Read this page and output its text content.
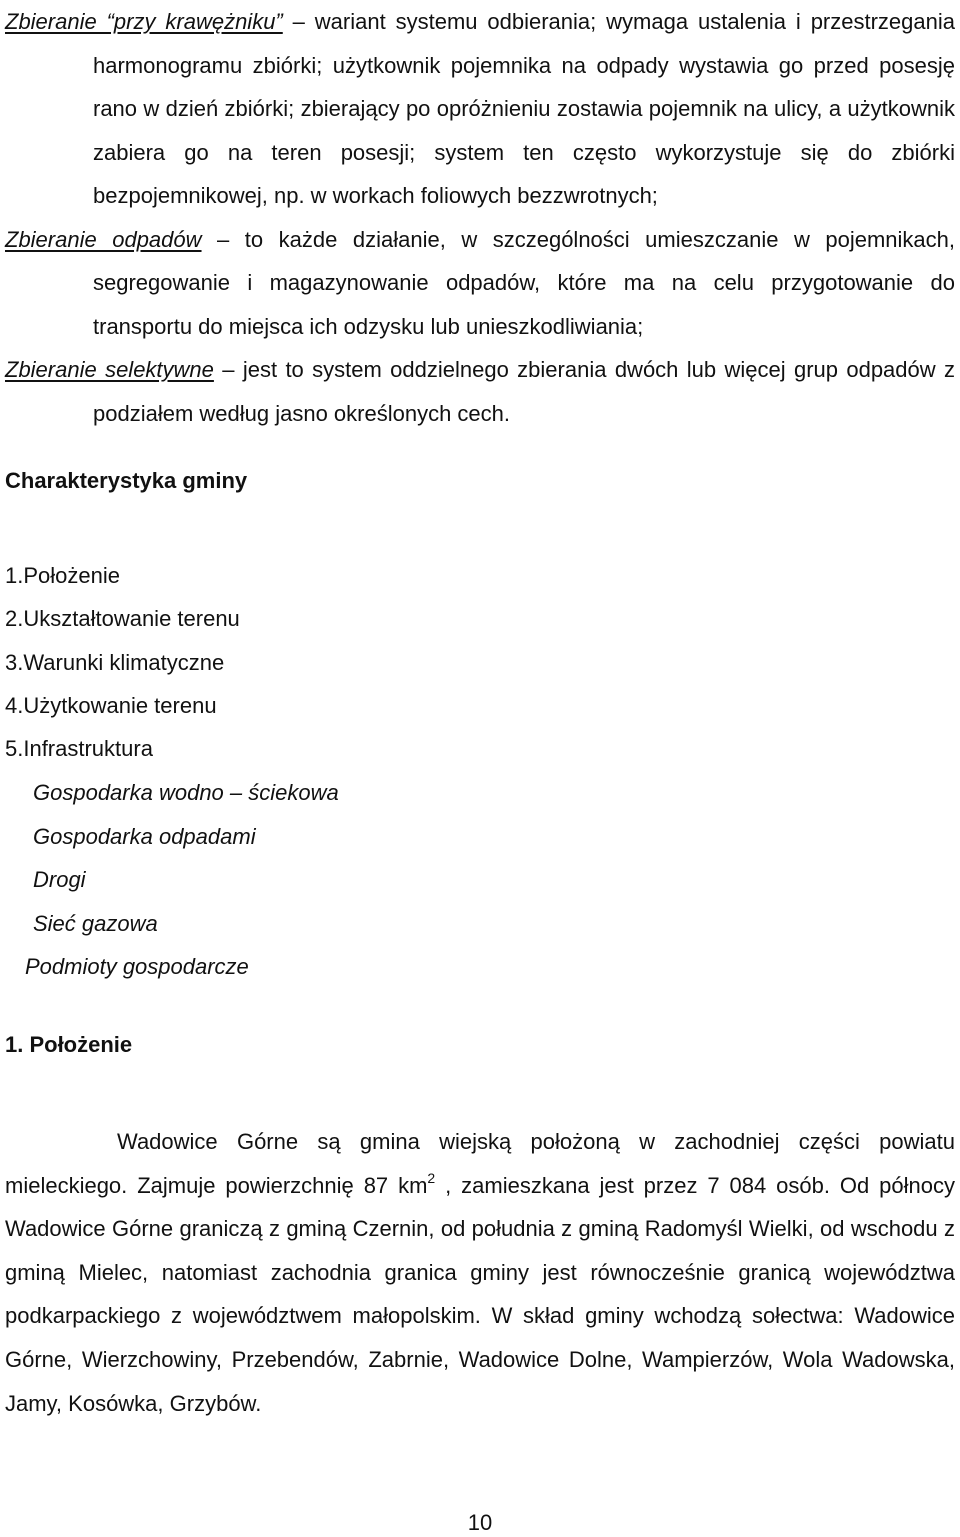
Zbieranie “przy krawężniku” – wariant systemu odbierania; wymaga ustalenia i przestrzegania harmonogramu zbiórki; użytkownik pojemnika na odpady wystawia go przed posesję rano w dzień zbiórki; zbierający po opróżnieniu zostawia pojemnik na ulicy, a użytkownik zabiera go na teren posesji; system ten często wykorzystuje się do zbiórki bezpojemnikowej, np. w workach foliowych bezzwrotnych;
Zbieranie odpadów – to każde działanie, w szczególności umieszczanie w pojemnikach, segregowanie i magazynowanie odpadów, które ma na celu przygotowanie do transportu do miejsca ich odzysku lub unieszkodliwiania;
Zbieranie selektywne – jest to system oddzielnego zbierania dwóch lub więcej grup odpadów z podziałem według jasno określonych cech.
Charakterystyka gminy
1.Położenie
2.Ukształtowanie terenu
3.Warunki klimatyczne
4.Użytkowanie terenu
5.Infrastruktura
Gospodarka wodno – ściekowa
Gospodarka odpadami
Drogi
Sieć gazowa
Podmioty gospodarcze
1. Położenie
Wadowice Górne są gmina wiejską położoną w zachodniej części powiatu mieleckiego. Zajmuje powierzchnię 87 $km^2$ , zamieszkana jest przez 7 084 osób. Od północy Wadowice Górne graniczą z gminą Czernin, od południa z gminą Radomyśl Wielki, od wschodu z gminą Mielec, natomiast zachodnia granica gminy jest równocześnie granicą województwa podkarpackiego z województwem małopolskim. W skład gminy wchodzą sołectwa: Wadowice Górne, Wierzchowiny, Przebendów, Zabrnie, Wadowice Dolne, Wampierzów, Wola Wadowska, Jamy, Kosówka, Grzybów.
10
